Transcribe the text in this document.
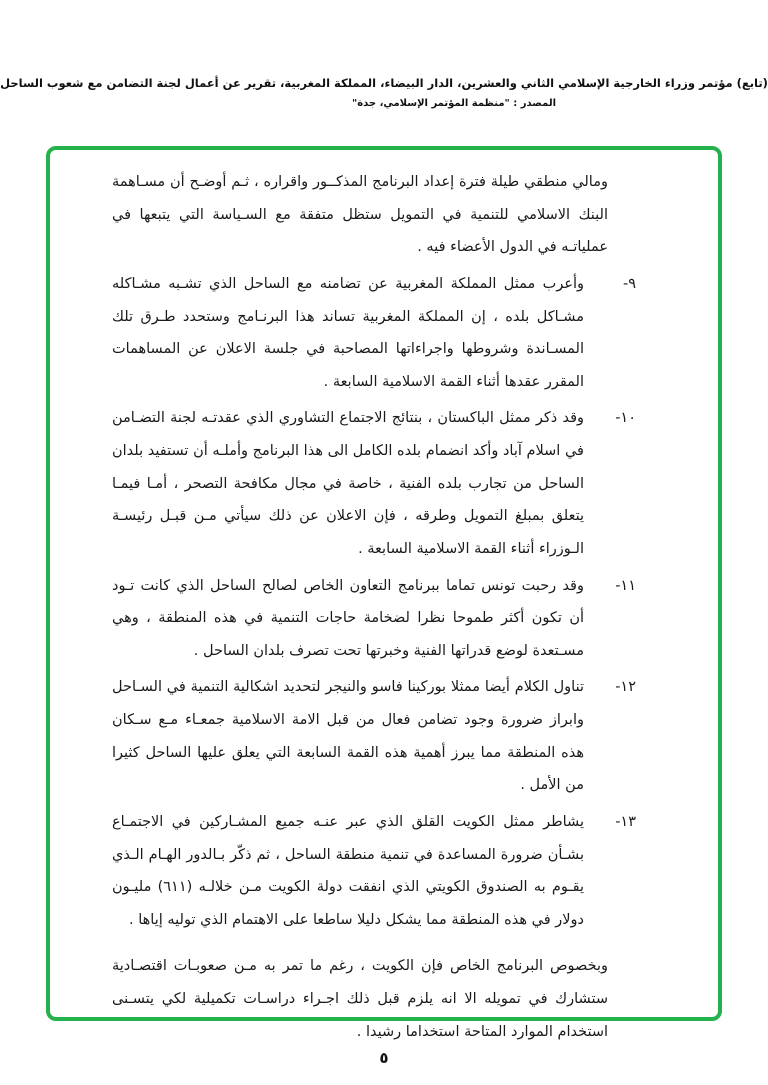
(تابع) مؤتمر وزراء الخارجية الإسلامي الثاني والعشرين، الدار البيضاء، المملكة المغربية، تقرير عن أعمال لجنة التضامن مع شعوب الساحل
المصدر : "منظمة المؤتمر الإسلامي، جدة"

ومالي منطقي طيلة فترة إعداد البرنامج المذكــور واقراره ، ثـم أوضـح أن مسـاهمة البنك الاسلامي للتنمية في التمويل ستظل متفقة مع السـياسة التي يتبعها في عملياتـه في الدول الأعضاء فيه .

٩-
وأعرب ممثل المملكة المغربية عن تضامنه مع الساحل الذي تشـبه مشـاكله مشـاكل بلده ، إن المملكة المغربية تساند هذا البرنـامج وستحدد طـرق تلك المسـاندة وشروطها واجراءاتها المصاحبة في جلسة الاعلان عن المساهمات المقرر عقدها أثناء القمة الاسلامية السابعة .
١٠-
وقد ذكر ممثل الباكستان ، بنتائج الاجتماع التشاوري الذي عقدتـه لجنة التضـامن في اسلام آباد وأكد انضمام بلده الكامل الى هذا البرنامج وأملـه أن تستفيد بلدان الساحل من تجارب بلده الفنية ، خاصة في مجال مكافحة التصحر ، أمـا فيمـا يتعلق بمبلغ التمويل وطرقه ، فإن الاعلان عن ذلك سيأتي مـن قبـل رئيسـة الـوزراء أثناء القمة الاسلامية السابعة .
١١-
وقد رحبت تونس تماما ببرنامج التعاون الخاص لصالح الساحل الذي كانت تـود أن تكون أكثر طموحا نظرا لضخامة حاجات التنمية في هذه المنطقة ، وهي مسـتعدة لوضع قدراتها الفنية وخبرتها تحت تصرف بلدان الساحل .
١٢-
تناول الكلام أيضا ممثلا بوركينا فاسو والنيجر لتحديد اشكالية التنمية في السـاحل وابراز ضرورة وجود تضامن فعال من قبل الامة الاسلامية جمعـاء مـع سـكان هذه المنطقة مما يبرز أهمية هذه القمة السابعة التي يعلق عليها الساحل كثيرا من الأمل .
١٣-
يشاطر ممثل الكويت القلق الذي عبر عنـه جميع المشـاركين في الاجتمـاع بشـأن ضرورة المساعدة في تنمية منطقة الساحل ، ثم ذكّر بـالدور الهـام الـذي يقـوم به الصندوق الكويتي الذي انفقت دولة الكويت مـن خلالـه (٦١١) مليـون دولار في هذه المنطقة مما يشكل دليلا ساطعا على الاهتمام الذي توليه إياها .

وبخصوص البرنامج الخاص فإن الكويت ، رغم ما تمر به مـن صعوبـات اقتصـادية ستشارك في تمويله الا انه يلزم قبل ذلك اجـراء دراسـات تكميلية لكي يتسـنى استخدام الموارد المتاحة استخداما رشيدا .

٥
